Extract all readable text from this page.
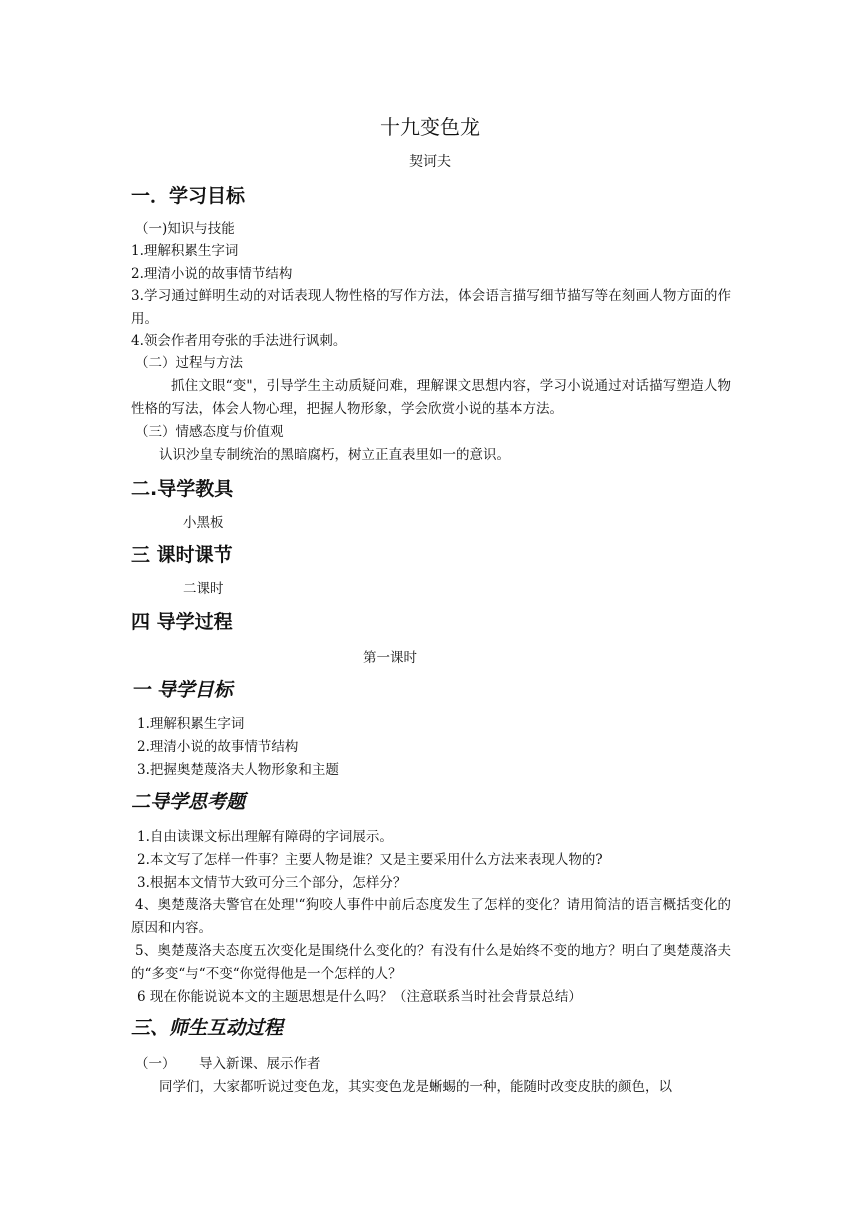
十九变色龙
契诃夫
一．学习目标
（一)知识与技能
1.理解积累生字词
2.理清小说的故事情节结构
3.学习通过鲜明生动的对话表现人物性格的写作方法，体会语言描写细节描写等在刻画人物方面的作用。
4.领会作者用夸张的手法进行讽刺。
（二）过程与方法
抓住文眼“变"，引导学生主动质疑问难，理解课文思想内容，学习小说通过对话描写塑造人物性格的写法，体会人物心理，把握人物形象，学会欣赏小说的基本方法。
（三）情感态度与价值观
认识沙皇专制统治的黑暗腐朽，树立正直表里如一的意识。
二.导学教具
小黑板
三 课时课节
二课时
四 导学过程
第一课时
一 导学目标
1.理解积累生字词
2.理清小说的故事情节结构
3.把握奥楚蔑洛夫人物形象和主题
二导学思考题
1.自由读课文标出理解有障碍的字词展示。
2.本文写了怎样一件事？主要人物是谁？又是主要采用什么方法来表现人物的?
3.根据本文情节大致可分三个部分，怎样分？
4、奥楚蔑洛夫警官在处理'“狗咬人事件中前后态度发生了怎样的变化？请用简洁的语言概括变化的原因和内容。
5、奥楚蔑洛夫态度五次变化是围绕什么变化的？有没有什么是始终不变的地方？明白了奥楚蔑洛夫的“多变“与“不变“你觉得他是一个怎样的人？
6 现在你能说说本文的主题思想是什么吗？（注意联系当时社会背景总结）
三、师生互动过程
（一）	导入新课、展示作者
同学们，大家都听说过变色龙，其实变色龙是蜥蜴的一种，能随时改变皮肤的颜色，以
